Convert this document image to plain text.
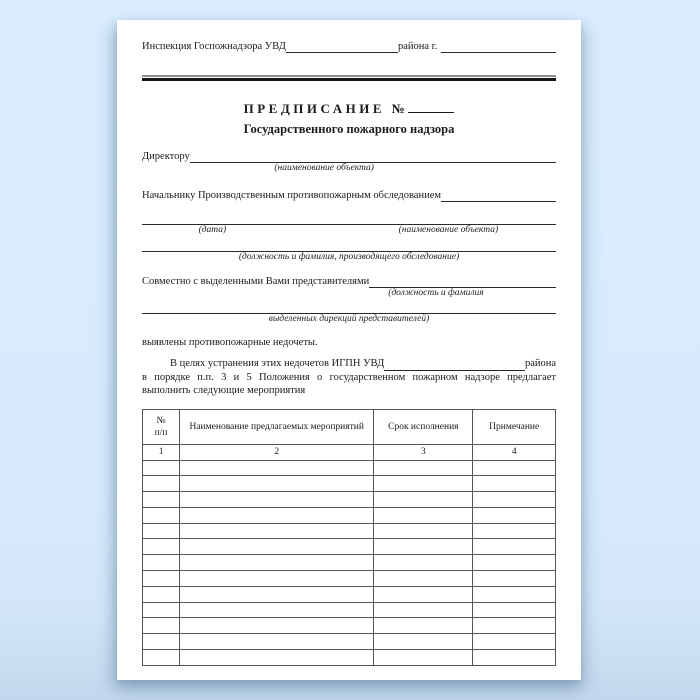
Инспекция Госпожнадзора УВД	района г.
ПРЕДПИСАНИЕ №
Государственного пожарного надзора
Директору
(наименование объекта)
Начальнику Производственным противопожарным обследованием
(дата)	(наименование объекта)
(должность и фамилия, производящего обследование)
Совместно с выделенными Вами представителями
(должность и фамилия
выделенных дирекций представителей)
выявлены противопожарные недочеты.
В целях устранения этих недочетов ИГПН УВД	района
в порядке п.п. 3 и 5 Положения о государственном пожарном надзоре предлагает выполнить следующие мероприятия
№
п/п	Наименование предлагаемых мероприятий	Срок исполнения	Примечание
1	2	3	4
